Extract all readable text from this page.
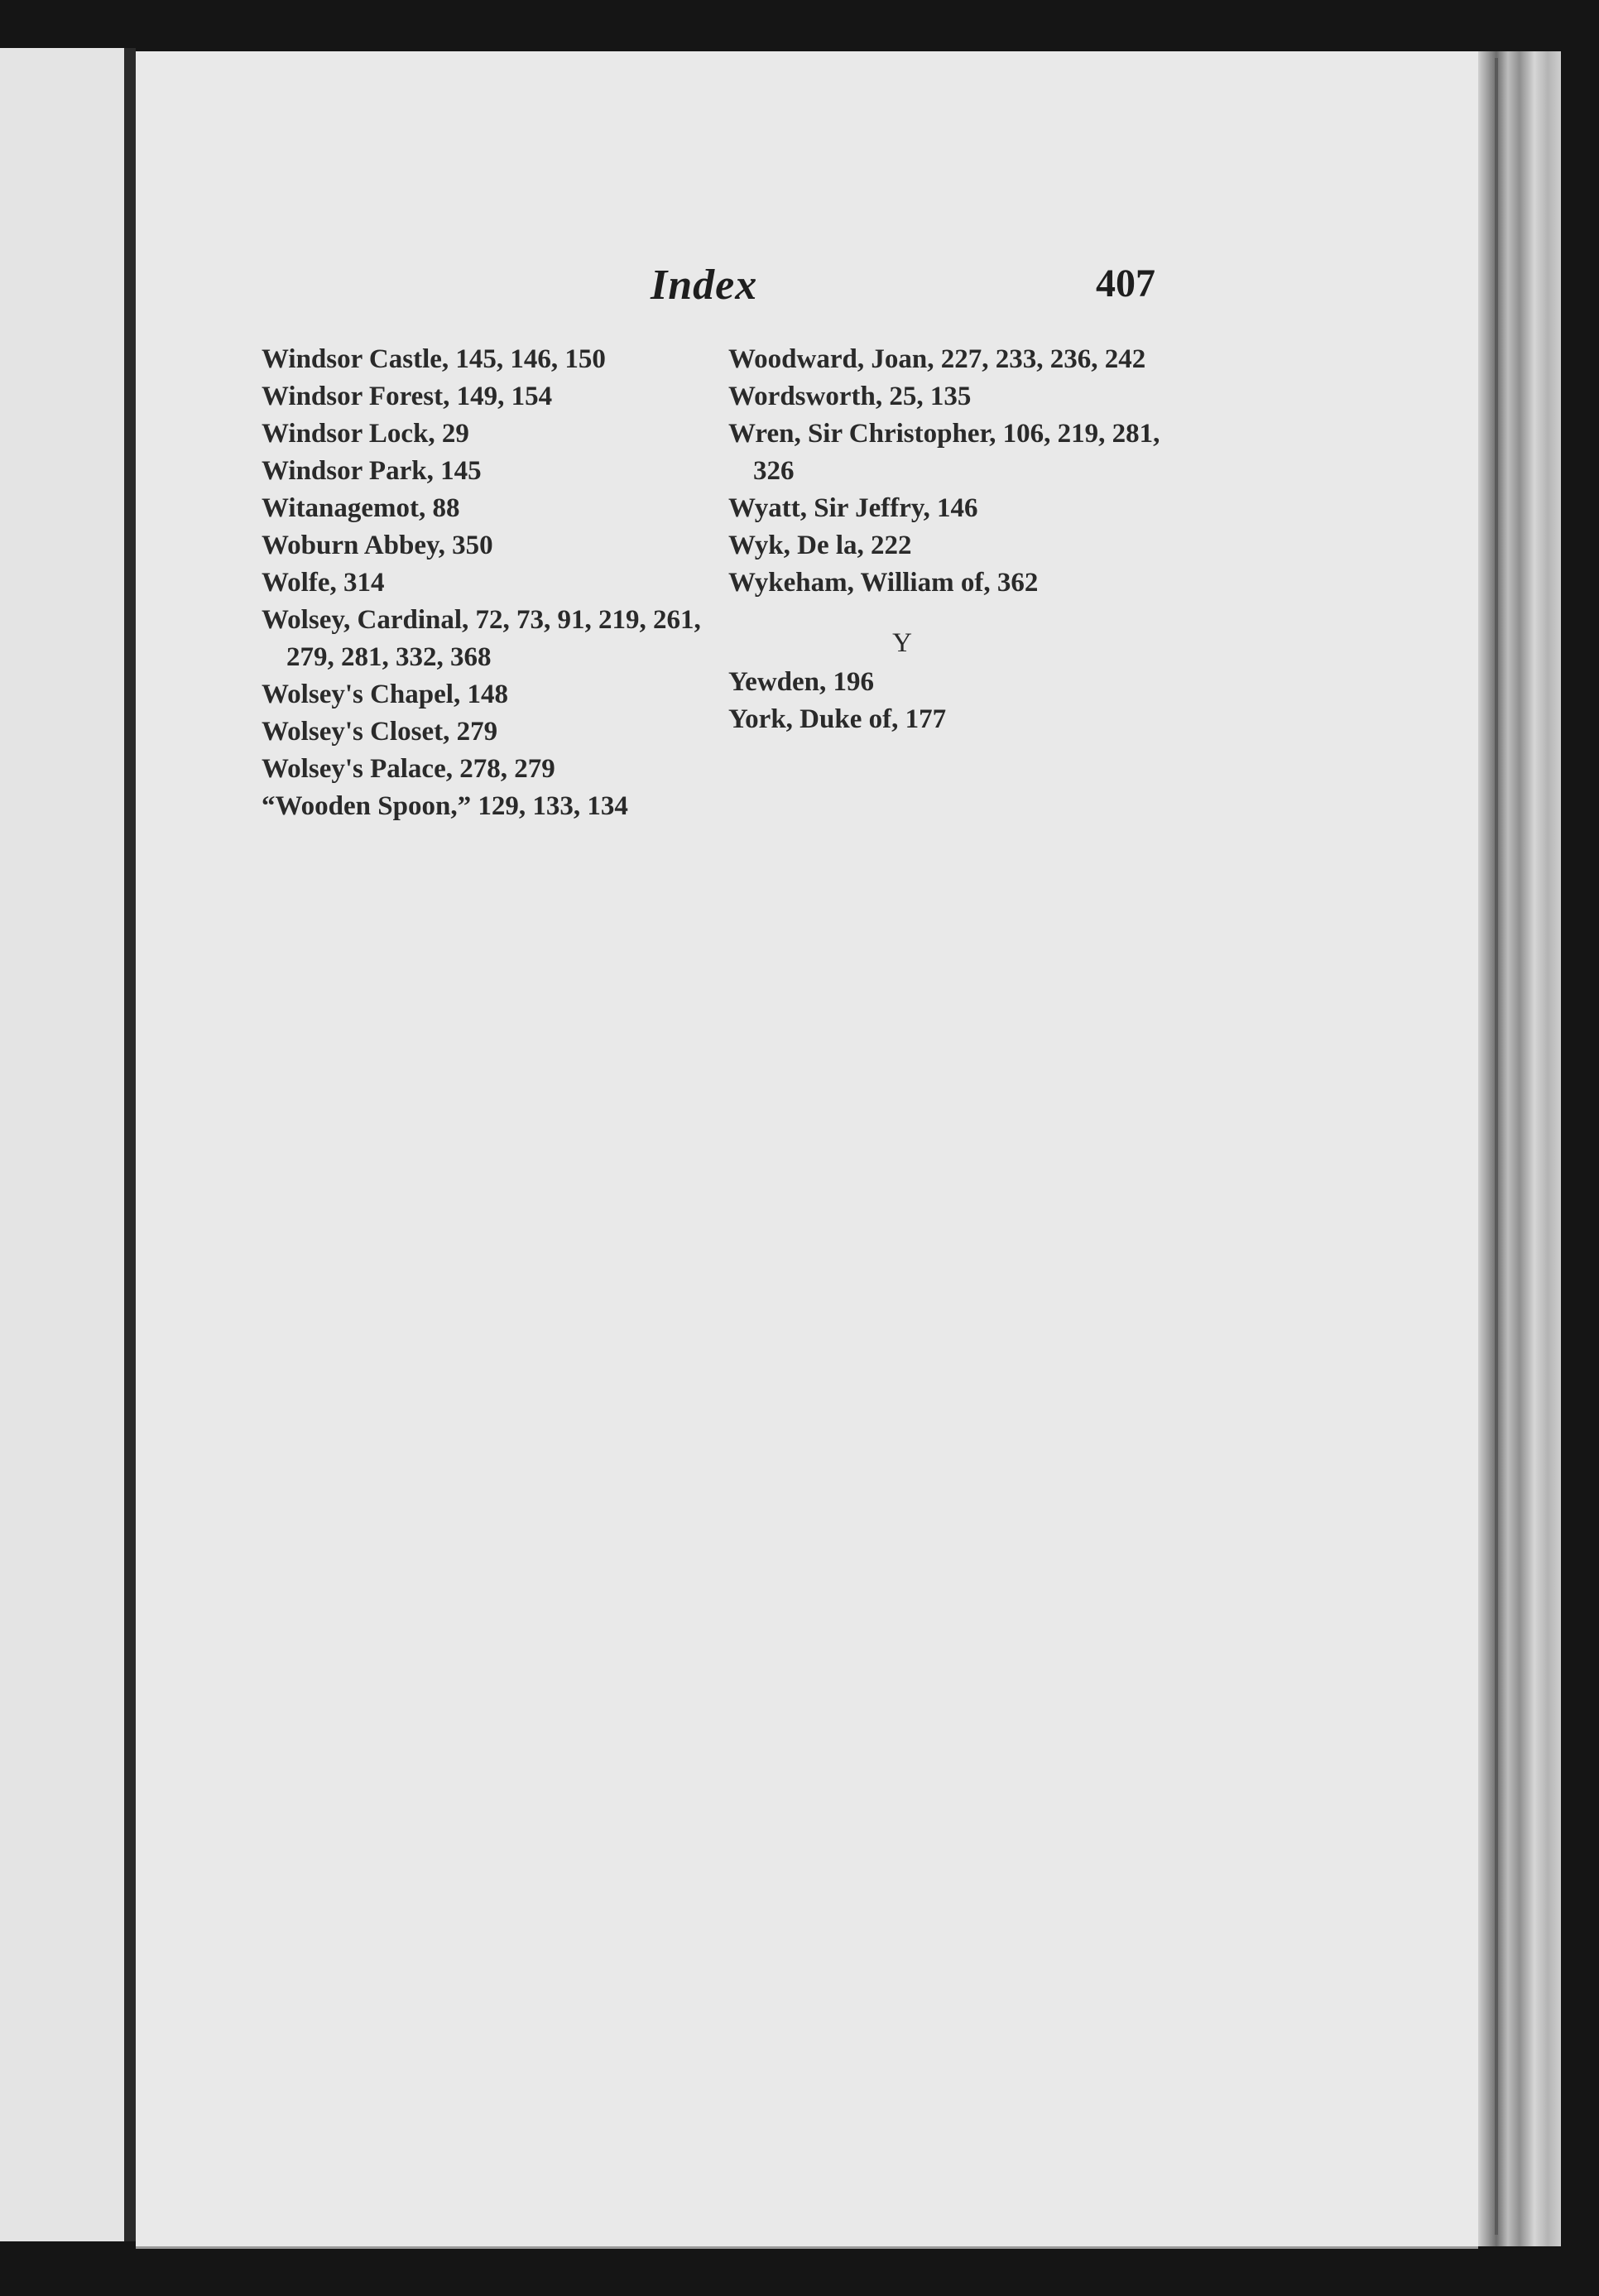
Index	407
Windsor Castle, 145, 146, 150
Windsor Forest, 149, 154
Windsor Lock, 29
Windsor Park, 145
Witanagemot, 88
Woburn Abbey, 350
Wolfe, 314
Wolsey, Cardinal, 72, 73, 91, 219, 261, 279, 281, 332, 368
Wolsey's Chapel, 148
Wolsey's Closet, 279
Wolsey's Palace, 278, 279
“Wooden Spoon,” 129, 133, 134
Woodward, Joan, 227, 233, 236, 242
Wordsworth, 25, 135
Wren, Sir Christopher, 106, 219, 281, 326
Wyatt, Sir Jeffry, 146
Wyk, De la, 222
Wykeham, William of, 362
Y
Yewden, 196
York, Duke of, 177
